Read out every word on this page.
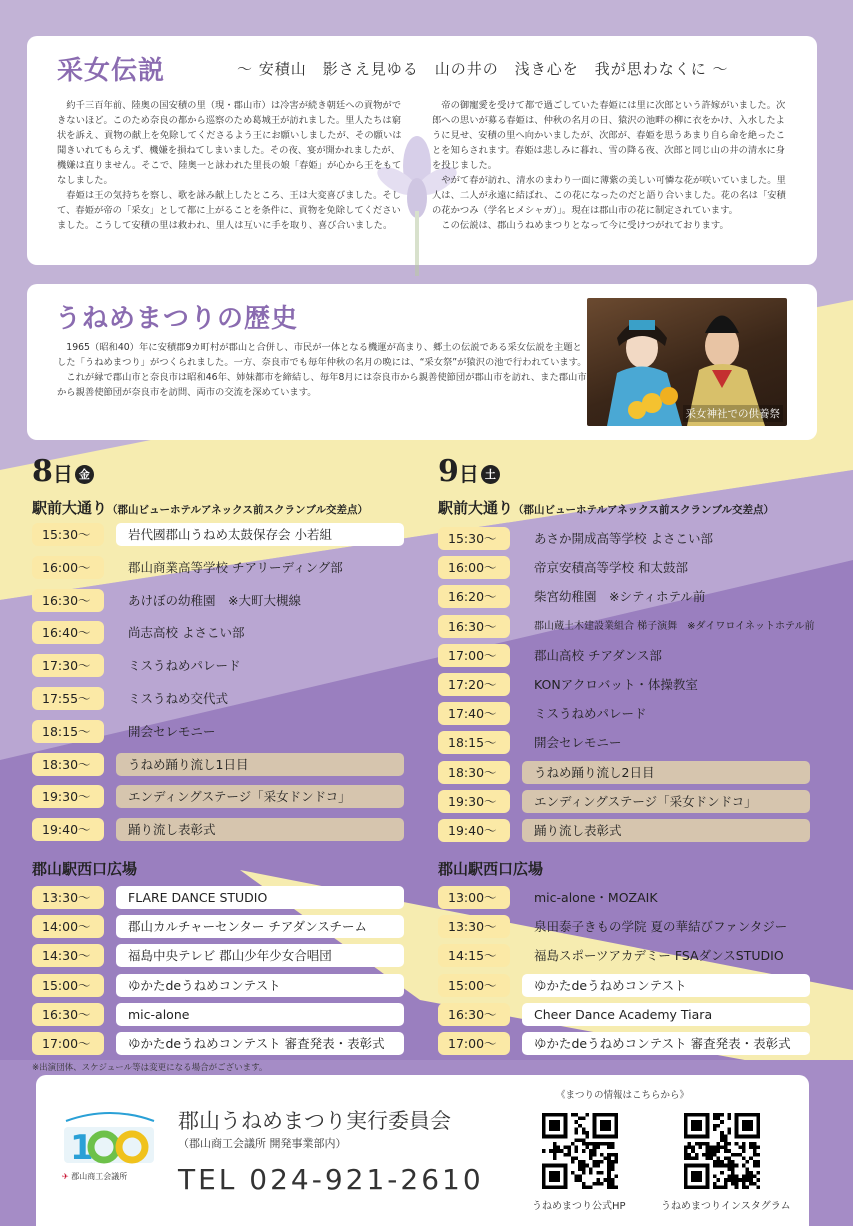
采女伝説	～ 安積山　影さえ見ゆる　山の井の　浅き心を　我が思わなくに ～

約千三百年前、陸奥の国安積の里（現・郡山市）は冷害が続き朝廷への貢物ができないほど。このため奈良の都から巡察のため葛城王が訪れました。里人たちは窮状を訴え、貢物の献上を免除してくださるよう王にお願いしましたが、その願いは聞きいれてもらえず、機嫌を損ねてしまいました。その夜、宴が開かれましたが、機嫌は直りません。そこで、陸奥一と詠われた里長の娘「春姫」が心から王をもてなしました。

春姫は王の気持ちを察し、歌を詠み献上したところ、王は大変喜びました。そして、春姫が帝の「采女」として都に上がることを条件に、貢物を免除してくださいました。こうして安積の里は救われ、里人は互いに手を取り、喜び合いました。

帝の御寵愛を受けて都で過ごしていた春姫には里に次郎という許嫁がいました。次郎への思いが募る春姫は、仲秋の名月の日、猿沢の池畔の柳に衣をかけ、入水したように見せ、安積の里へ向かいましたが、次郎が、春姫を思うあまり自ら命を絶ったことを知らされます。春姫は悲しみに暮れ、雪の降る夜、次郎と同じ山の井の清水に身を投じました。

やがて春が訪れ、清水のまわり一面に薄紫の美しい可憐な花が咲いていました。里人は、二人が永遠に結ばれ、この花になったのだと語り合いました。花の名は「安積の花かつみ（学名ヒメシャガ）」。現在は郡山市の花に制定されています。

この伝説は、郡山うねめまつりとなって今に受けつがれております。

うねめまつりの歴史

1965（昭和40）年に安積郡9カ町村が郡山と合併し、市民が一体となる機運が高まり、郷土の伝説である采女伝説を主題とした「うねめまつり」がつくられました。一方、奈良市でも毎年仲秋の名月の晩には、“采女祭”が猿沢の池で行われています。

これが縁で郡山市と奈良市は昭和46年、姉妹都市を締結し、毎年8月には奈良市から親善使節団が郡山市を訪れ、また郡山市から親善使節団が奈良市を訪問、両市の交流を深めています。

采女神社での供養祭
8日 金
駅前大通り（郡山ビューホテルアネックス前スクランブル交差点）
15:30～	岩代國郡山うねめ太鼓保存会 小若組
16:00～	郡山商業高等学校 チアリーディング部
16:30～	あけぼの幼稚園　※大町大槻線
16:40～	尚志高校 よさこい部
17:30～	ミスうねめパレード
17:55～	ミスうねめ交代式
18:15～	開会セレモニー
18:30～	うねめ踊り流し1日目
19:30～	エンディングステージ「采女ドンドコ」
19:40～	踊り流し表彰式
郡山駅西口広場
13:30～	FLARE DANCE STUDIO
14:00～	郡山カルチャーセンター チアダンスチーム
14:30～	福島中央テレビ 郡山少年少女合唱団
15:00～	ゆかたdeうねめコンテスト
16:30～	mic-alone
17:00～	ゆかたdeうねめコンテスト 審査発表・表彰式
9日 土
駅前大通り（郡山ビューホテルアネックス前スクランブル交差点）
15:30～	あさか開成高等学校 よさこい部
16:00～	帝京安積高等学校 和太鼓部
16:20～	柴宮幼稚園　※シティホテル前
16:30～	郡山蔵土木建設業組合 梯子演舞　※ダイワロイネットホテル前
17:00～	郡山高校 チアダンス部
17:20～	KONアクロバット・体操教室
17:40～	ミスうねめパレード
18:15～	開会セレモニー
18:30～	うねめ踊り流し2日目
19:30～	エンディングステージ「采女ドンドコ」
19:40～	踊り流し表彰式
郡山駅西口広場
13:00～	mic-alone・MOZAIK
13:30～	泉田泰子きもの学院 夏の華結びファンタジー
14:15～	福島スポーツアカデミー FSAダンスSTUDIO
15:00～	ゆかたdeうねめコンテスト
16:30～	Cheer Dance Academy Tiara
17:00～	ゆかたdeうねめコンテスト 審査発表・表彰式
※出演団体、スケジュール等は変更になる場合がございます。
1
✈ 郡山商工会議所
郡山うねめまつり実行委員会
（郡山商工会議所 開発事業部内）
TEL 024-921-2610
《まつりの情報はこちらから》
うねめまつり公式HP	うねめまつりインスタグラム
